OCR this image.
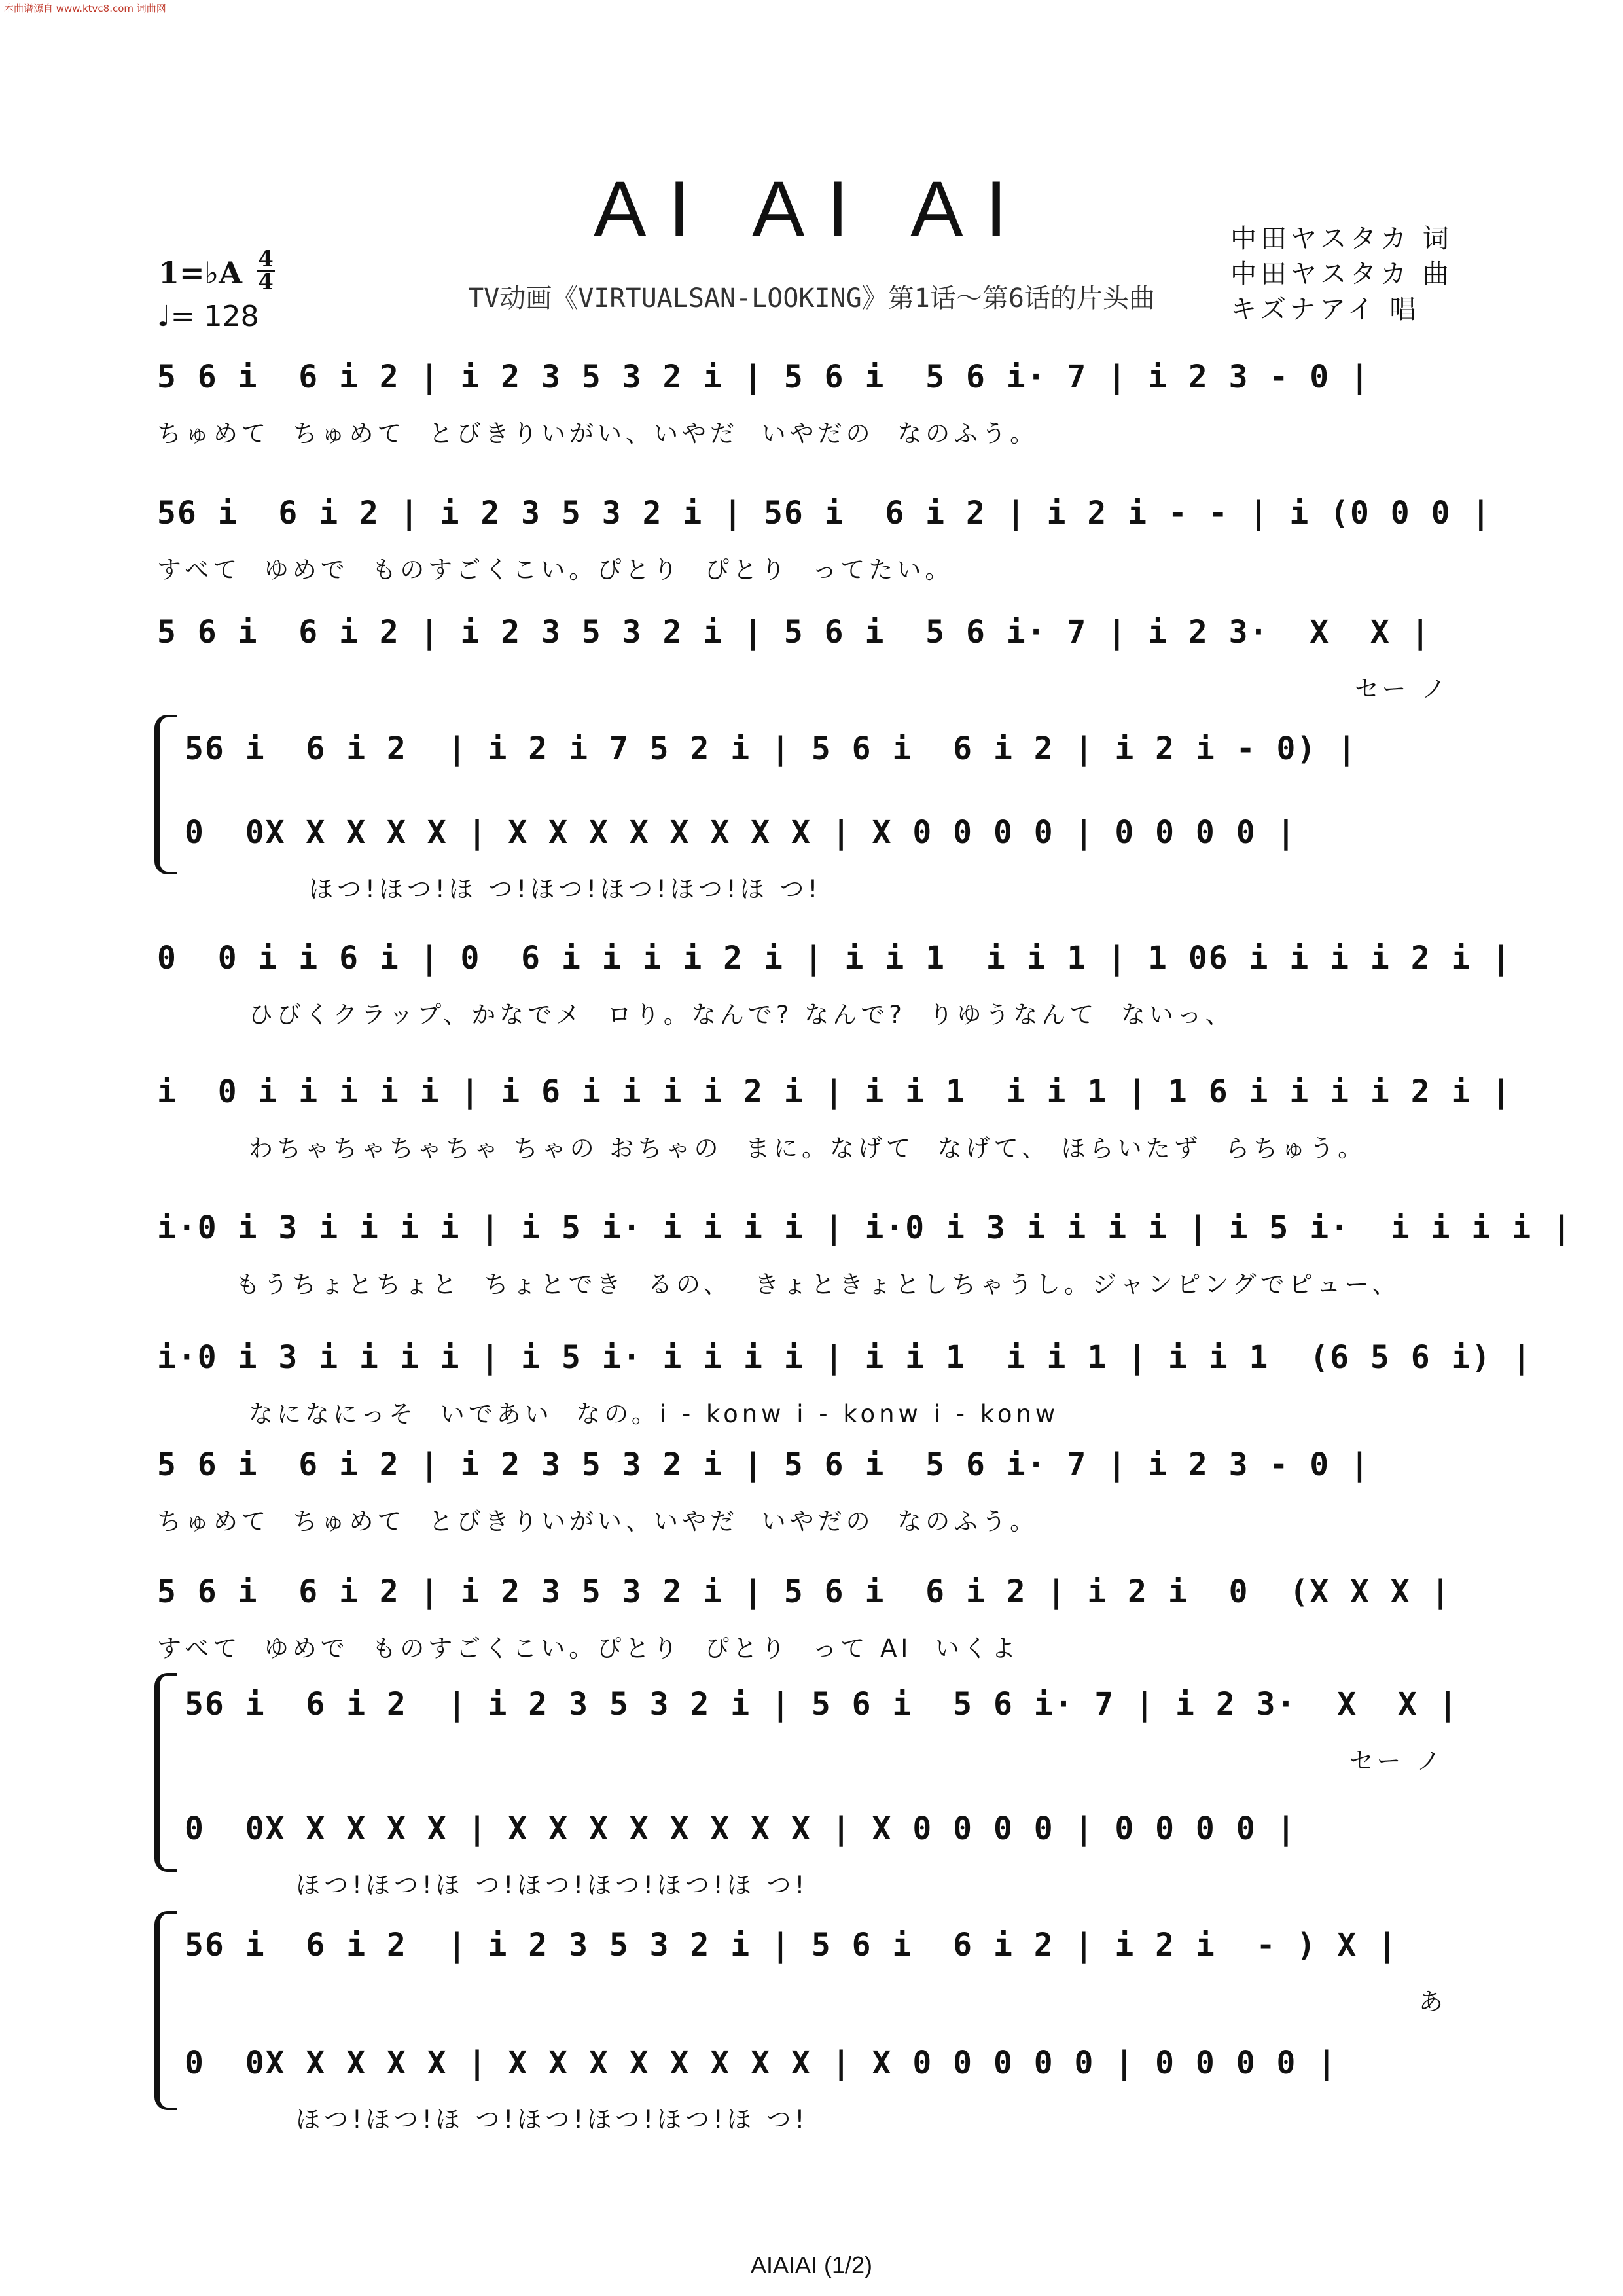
本曲谱源自 www.ktvc8.com 词曲网
AI AI AI
TV动画《VIRTUALSAN-LOOKING》第1话～第6话的片头曲
中田ヤスタカ 词
中田ヤスタカ 曲
キズナアイ 唱
1=♭A 4
4
♩= 128
5 6 i  6 i 2 | i 2 3 5 3 2 i | 5 6 i  5 6 i· 7 | i 2 3 - 0 |
ちゅめて  ちゅめて  とびきりいがい、いやだ  いやだの  なのふう。
56 i  6 i 2 | i 2 3 5 3 2 i | 56 i  6 i 2 | i 2 i - - | i (0 0 0 |
すべて  ゆめで  ものすごくこい。ぴとり  ぴとり  ってたい。
5 6 i  6 i 2 | i 2 3 5 3 2 i | 5 6 i  5 6 i· 7 | i 2 3·  X  X |
セー ノ
56 i  6 i 2  | i 2 i 7 5 2 i | 5 6 i  6 i 2 | i 2 i - 0) |
0  0X X X X X | X X X X X X X X | X 0 0 0 0 | 0 0 0 0 |
ほつ!ほつ!ほ つ!ほつ!ほつ!ほつ!ほ つ!
0  0 i i 6 i | 0  6 i i i i 2 i | i i 1  i i 1 | 1 06 i i i i 2 i |
ひびくクラップ、かなでメ  ロり。なんで? なんで?  りゆうなんて  ないっ、
i  0 i i i i i | i 6 i i i i 2 i | i i 1  i i 1 | 1 6 i i i i 2 i |
わちゃちゃちゃちゃ ちゃの おちゃの  まに。なげて  なげて、 ほらいたず  らちゅう。
i·0 i 3 i i i i | i 5 i· i i i i | i·0 i 3 i i i i | i 5 i·  i i i i |
もうちょとちょと  ちょとでき  るの、  きょときょとしちゃうし。ジャンピングでピュー、
i·0 i 3 i i i i | i 5 i· i i i i | i i 1  i i 1 | i i 1  (6 5 6 i) |
なになにっそ  いであい  なの。i - konw i - konw i - konw
5 6 i  6 i 2 | i 2 3 5 3 2 i | 5 6 i  5 6 i· 7 | i 2 3 - 0 |
ちゅめて  ちゅめて  とびきりいがい、いやだ  いやだの  なのふう。
5 6 i  6 i 2 | i 2 3 5 3 2 i | 5 6 i  6 i 2 | i 2 i  0  (X X X |
すべて  ゆめで  ものすごくこい。ぴとり  ぴとり  って AI  いくよ
56 i  6 i 2  | i 2 3 5 3 2 i | 5 6 i  5 6 i· 7 | i 2 3·  X  X |
セー ノ
0  0X X X X X | X X X X X X X X | X 0 0 0 0 | 0 0 0 0 |
ほつ!ほつ!ほ つ!ほつ!ほつ!ほつ!ほ つ!
56 i  6 i 2  | i 2 3 5 3 2 i | 5 6 i  6 i 2 | i 2 i  - ) X |
あ
0  0X X X X X | X X X X X X X X | X 0 0 0 0 0 | 0 0 0 0 |
ほつ!ほつ!ほ つ!ほつ!ほつ!ほつ!ほ つ!
AIAIAI (1/2)
